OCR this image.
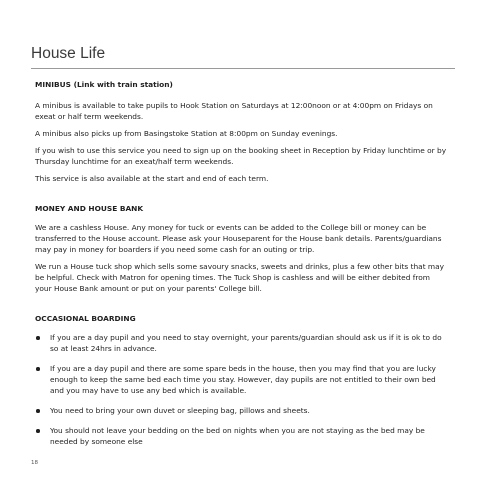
House Life

MINIBUS (Link with train station)

A minibus is available to take pupils to Hook Station on Saturdays at 12:00noon or at 4:00pm on Fridays on exeat or half term weekends.

A minibus also picks up from Basingstoke Station at 8:00pm on Sunday evenings.

If you wish to use this service you need to sign up on the booking sheet in Reception by Friday lunchtime or by Thursday lunchtime for an exeat/half term weekends.

This service is also available at the start and end of each term.

MONEY AND HOUSE BANK

We are a cashless House. Any money for tuck or events can be added to the College bill or money can be transferred to the House account. Please ask your Houseparent for the House bank details. Parents/guardians may pay in money for boarders if you need some cash for an outing or trip.

We run a House tuck shop which sells some savoury snacks, sweets and drinks, plus a few other bits that may be helpful. Check with Matron for opening times. The Tuck Shop is cashless and will be either debited from your House Bank amount or put on your parents' College bill.

OCCASIONAL BOARDING

If you are a day pupil and you need to stay overnight, your parents/guardian should ask us if it is ok to do so at least 24hrs in advance.
If you are a day pupil and there are some spare beds in the house, then you may find that you are lucky enough to keep the same bed each time you stay. However, day pupils are not entitled to their own bed and you may have to use any bed which is available.
You need to bring your own duvet or sleeping bag, pillows and sheets.
You should not leave your bedding on the bed on nights when you are not staying as the bed may be needed by someone else
18
